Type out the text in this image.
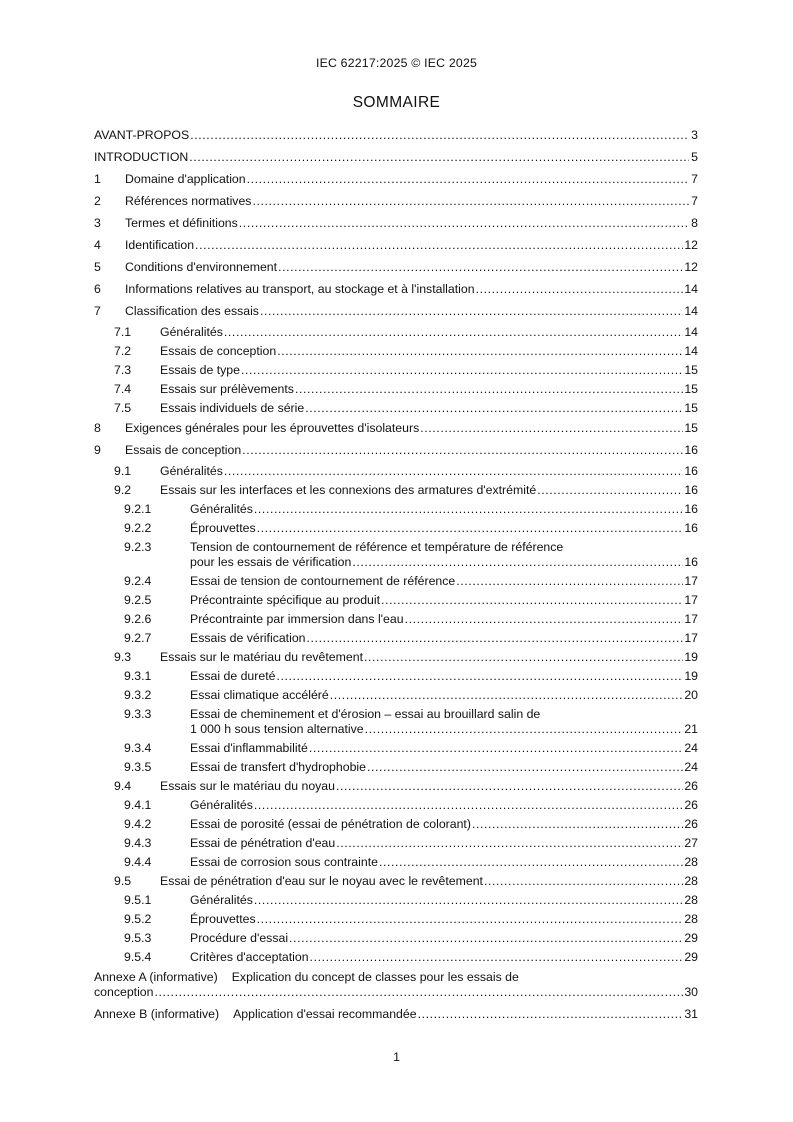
IEC 62217:2025 © IEC 2025
SOMMAIRE
AVANT-PROPOS .....	3
INTRODUCTION .....	5
1	Domaine d'application .....	7
2	Références normatives .....	7
3	Termes et définitions .....	8
4	Identification .....	12
5	Conditions d'environnement .....	12
6	Informations relatives au transport, au stockage et à l'installation .....	14
7	Classification des essais .....	14
7.1	Généralités .....	14
7.2	Essais de conception .....	14
7.3	Essais de type .....	15
7.4	Essais sur prélèvements .....	15
7.5	Essais individuels de série .....	15
8	Exigences générales pour les éprouvettes d'isolateurs .....	15
9	Essais de conception .....	16
9.1	Généralités .....	16
9.2	Essais sur les interfaces et les connexions des armatures d'extrémité .....	16
9.2.1	Généralités .....	16
9.2.2	Éprouvettes .....	16
9.2.3	Tension de contournement de référence et température de référence
pour les essais de vérification .....	16
9.2.4	Essai de tension de contournement de référence .....	17
9.2.5	Précontrainte spécifique au produit .....	17
9.2.6	Précontrainte par immersion dans l'eau .....	17
9.2.7	Essais de vérification .....	17
9.3	Essais sur le matériau du revêtement .....	19
9.3.1	Essai de dureté .....	19
9.3.2	Essai climatique accéléré .....	20
9.3.3	Essai de cheminement et d'érosion – essai au brouillard salin de
1 000 h sous tension alternative .....	21
9.3.4	Essai d'inflammabilité .....	24
9.3.5	Essai de transfert d'hydrophobie .....	24
9.4	Essais sur le matériau du noyau .....	26
9.4.1	Généralités .....	26
9.4.2	Essai de porosité (essai de pénétration de colorant) .....	26
9.4.3	Essai de pénétration d'eau .....	27
9.4.4	Essai de corrosion sous contrainte .....	28
9.5	Essai de pénétration d'eau sur le noyau avec le revêtement .....	28
9.5.1	Généralités .....	28
9.5.2	Éprouvettes .....	28
9.5.3	Procédure d'essai .....	29
9.5.4	Critères d'acceptation .....	29
Annexe A (informative) Explication du concept de classes pour les essais de
conception .....	30
Annexe B (informative) Application d'essai recommandée .....	31
1
